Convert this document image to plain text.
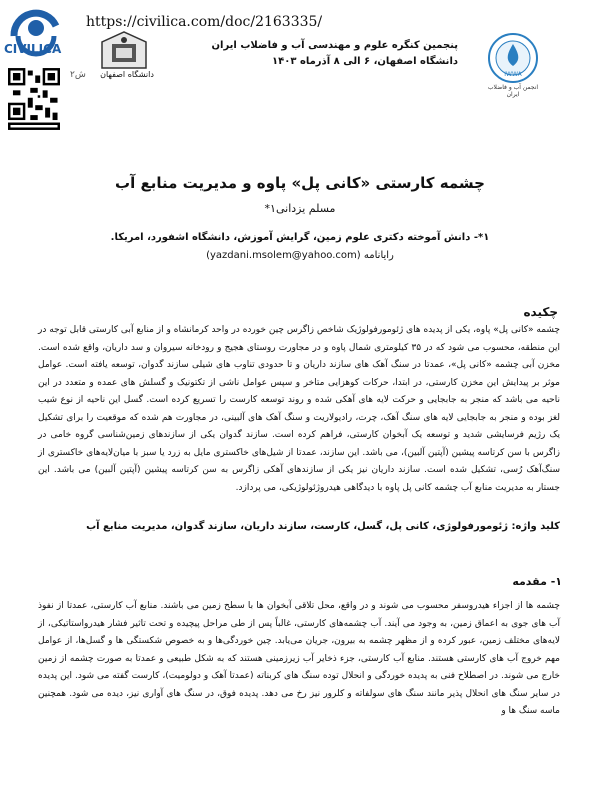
CIVILICA
https://civilica.com/doc/2163335/
دانشگاه اصفهان
ش۲
پنجمین کنگره علوم و مهندسی آب و فاضلاب ایران
دانشگاه اصفهان، ۶ الی ۸ آذرماه ۱۴۰۳
IWWA
انجمن آب و فاضلاب ایران
چشمه کارستی «کانی پل» پاوه و مدیریت منابع آب
مسلم یزدانی۱*
۱*- دانش آموخته دکتری علوم زمین، گرایش آموزش، دانشگاه اشفورد، امریکا.
رایانامه (yazdani.msolem@yahoo.com)
چکیده
چشمه «کانی پل» پاوه، یکی از پدیده های ژئومورفولوژیک شاخص زاگرس چین خورده در واحد کرمانشاه و از منابع آبی کارستی قابل توجه در این منطقه، محسوب می شود که در ۳۵ کیلومتری شمال پاوه و در مجاورت روستای هجیج و رودخانه سیروان و سد داریان، واقع شده است. مخزن آبی چشمه «کانی پل»، عمدتا در سنگ آهک های سازند داریان و تا حدودی تناوب های شیلی سازند گدوان، توسعه یافته است. عوامل موثر بر پیدایش این مخزن کارستی، در ابتدا، حرکات کوهزایی متاخر و سپس عوامل ناشی از تکتونیک و گسلش های عمده و متعدد در این ناحیه می باشد که منجر به جابجایی و حرکت لایه های آهکی شده و روند توسعه کارست را تسریع کرده است. گسل این ناحیه از نوع شیب لغز بوده و منجر به جابجایی لایه های سنگ آهک، چرت، رادیولاریت و سنگ آهک های آلبینی، در مجاورت هم شده که موقعیت را برای تشکیل یک رژیم فرسایشی شدید و توسعه یک آبخوان کارستی، فراهم کرده است. سازند گدوان یکی از سازندهای زمین‌شناسی گروه خامی در زاگرس با سن کرتاسه پیشین (آپتین آلبین)، می باشد. این سازند، عمدتا از شیل‌های خاکستری مایل به زرد یا سبز با میان‌لایه‌های خاکستری از سنگ‌آهک رُسی، تشکیل شده است. سازند داریان نیز یکی از سازندهای آهکی زاگرس به سن کرتاسه پیشین (آپتین آلبین) می باشد. این جستار به مدیریت منابع آب چشمه کانی پل پاوه با دیدگاهی هیدروژئولوژیکی، می پردازد.
کلید واژه: ژئومورفولوژی، کانی پل، گسل، کارست، سازند داریان، سازند گدوان، مدیریت منابع آب
۱- مقدمه
چشمه ها از اجزاء هیدروسفر محسوب می شوند و در واقع، محل تلاقی آبخوان ها با سطح زمین می باشند. منابع آب کارستی، عمدتا از نفوذ آب های جوی به اعماق زمین، به وجود می آیند. آب چشمه‌های کارستی، غالباً پس از طی مراحل پیچیده و تحت تاثیر فشار هیدرواستاتیکی، از لایه‌های مختلف زمین، عبور کرده و از مظهر چشمه به بیرون، جریان می‌یابد. چین خوردگی‌ها و به خصوص شکستگی ها و گسل‌ها، از عوامل مهم خروج آب های کارستی هستند. منابع آب کارستی، جزء ذخایر آب زیرزمینی هستند که به شکل طبیعی و عمدتا به صورت چشمه از زمین خارج می شوند. در اصطلاح فنی به پدیده خوردگی و انحلال توده سنگ های کربناته (عمدتا آهک و دولومیت)، کارست گفته می شود. این پدیده در سایر سنگ های انحلال پذیر مانند سنگ های سولفاته و کلرور نیز رخ می دهد. پدیده فوق، در سنگ های آواری نیز، دیده می شود. همچنین ماسه سنگ ها و
